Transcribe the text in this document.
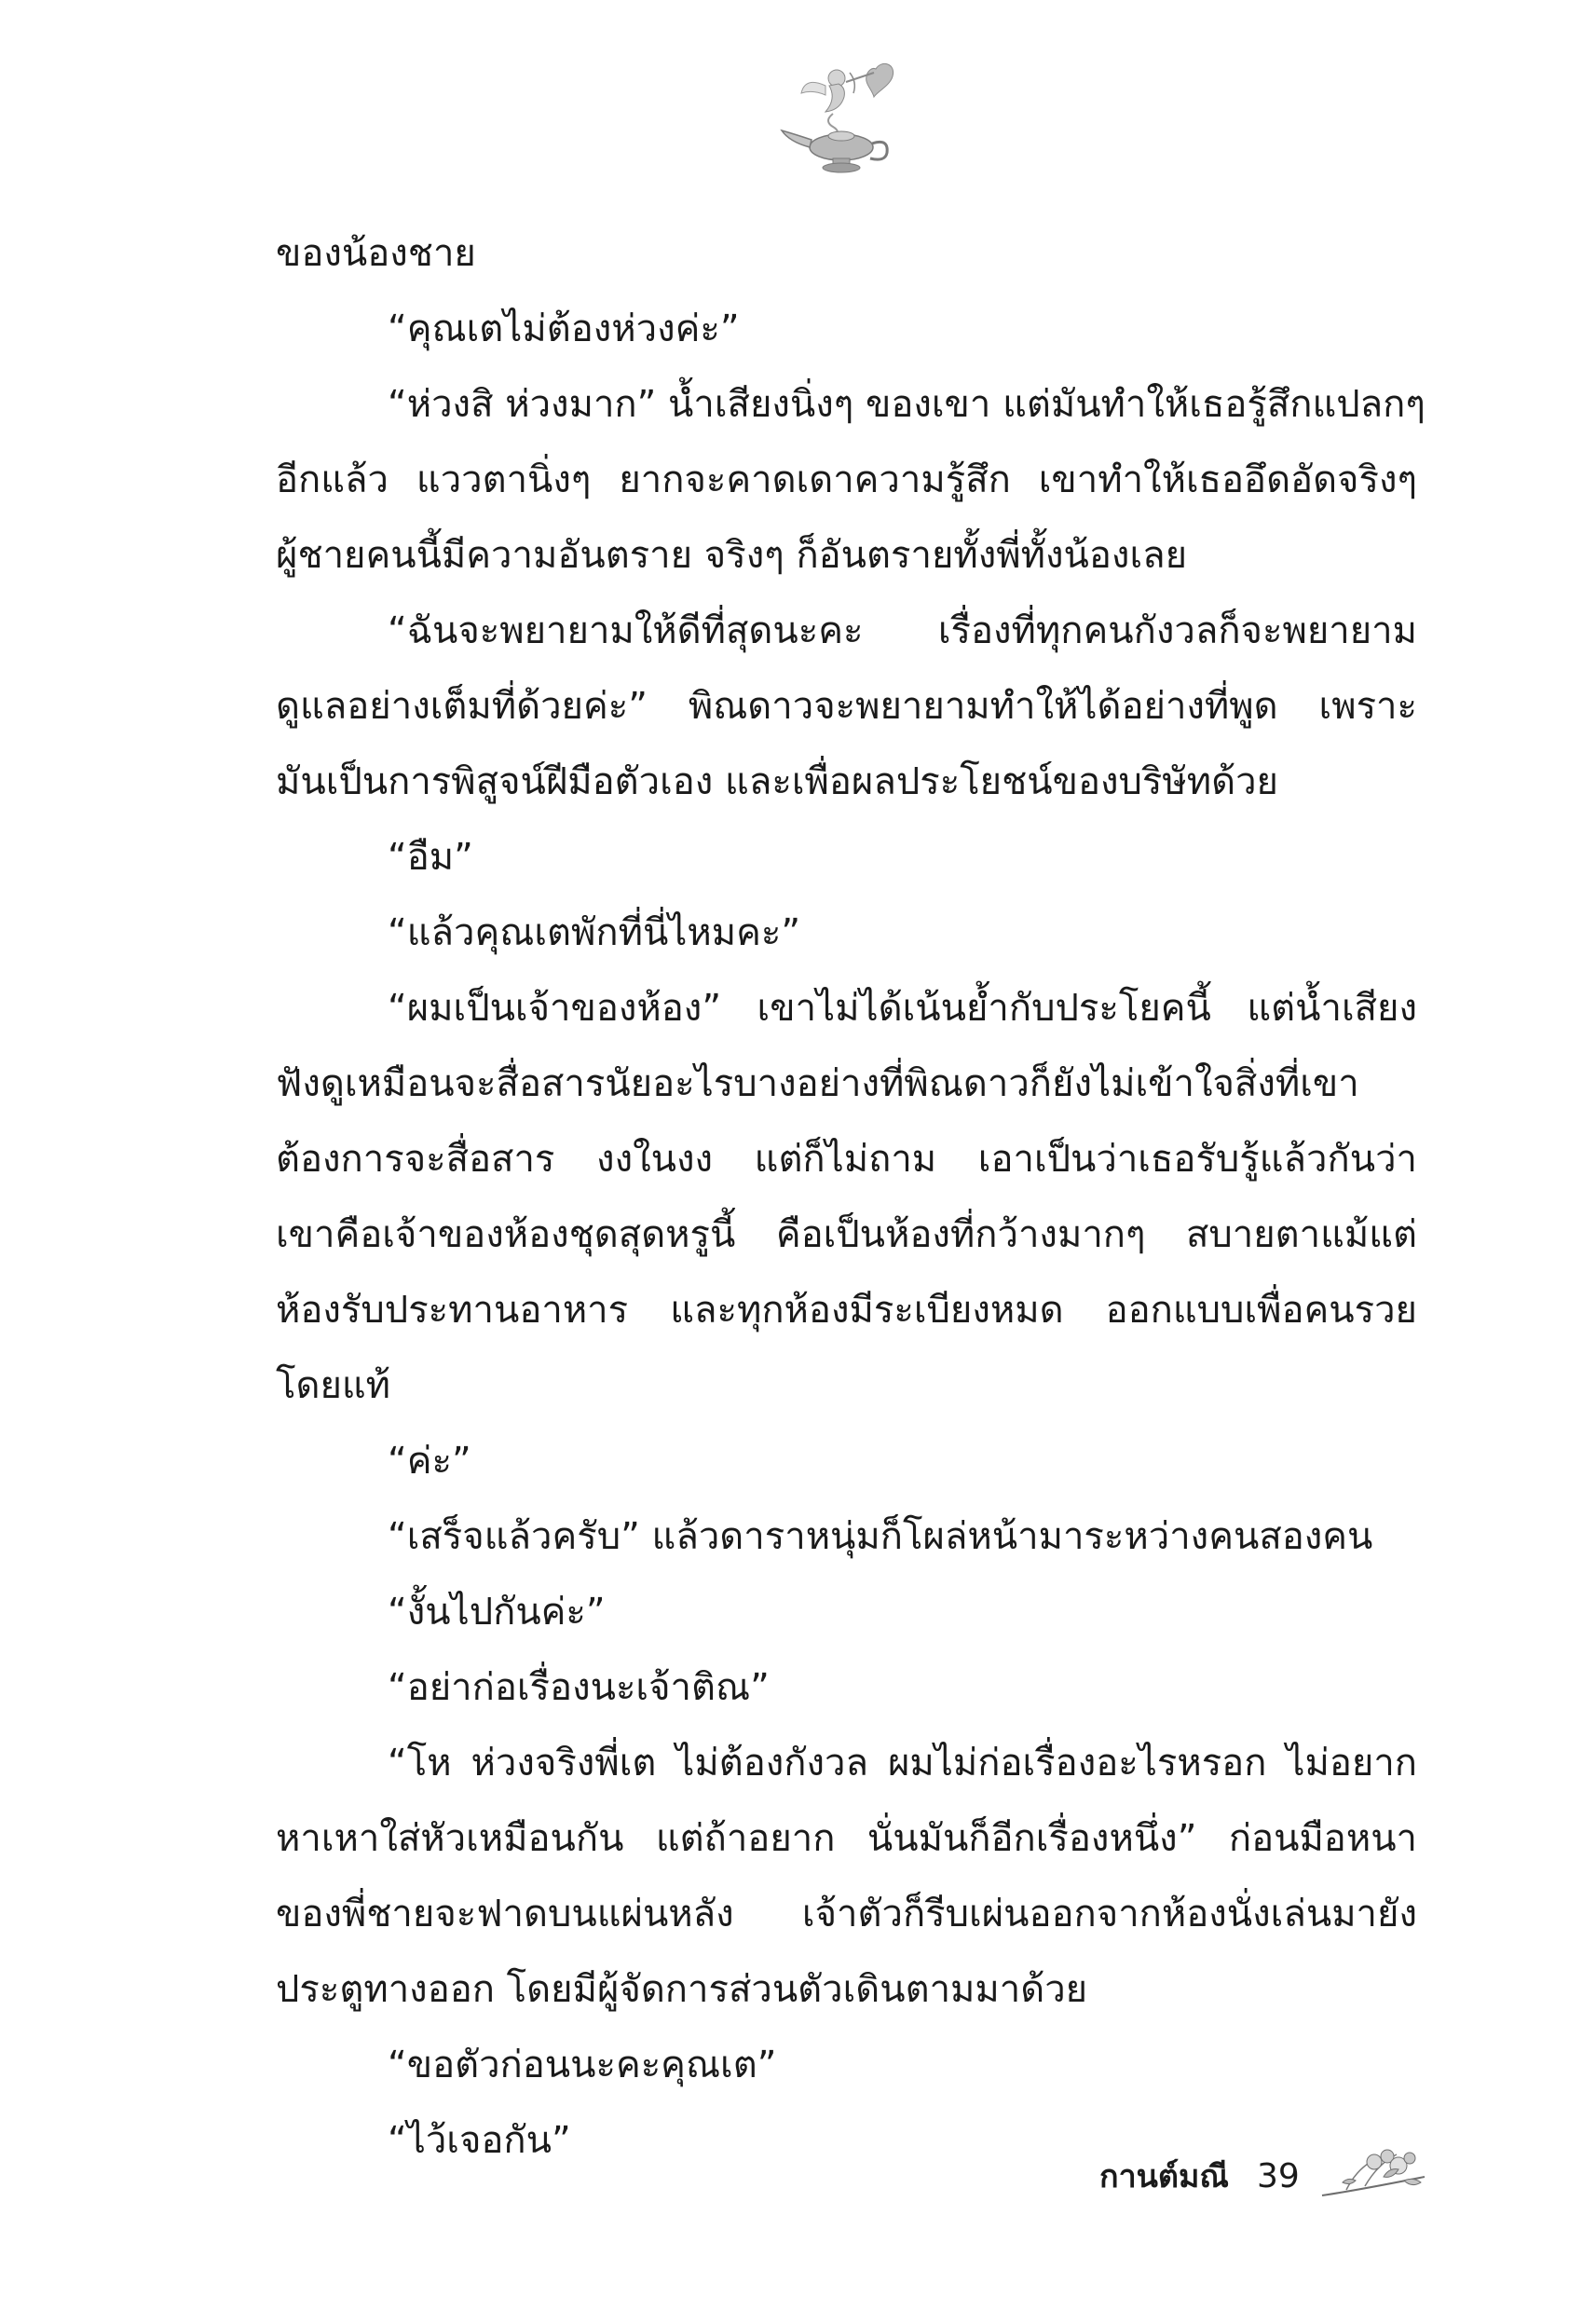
ของน้องชาย
“คุณเตไม่ต้องห่วงค่ะ”
“ห่วงสิ ห่วงมาก” น้ำเสียงนิ่งๆ ของเขา แต่มันทำให้เธอรู้สึกแปลกๆ
อีกแล้ว แววตานิ่งๆ ยากจะคาดเดาความรู้สึก เขาทำให้เธออึดอัดจริงๆ
ผู้ชายคนนี้มีความอันตราย จริงๆ ก็อันตรายทั้งพี่ทั้งน้องเลย
“ฉันจะพยายามให้ดีที่สุดนะคะ เรื่องที่ทุกคนกังวลก็จะพยายาม
ดูแลอย่างเต็มที่ด้วยค่ะ” พิณดาวจะพยายามทำให้ได้อย่างที่พูด เพราะ
มันเป็นการพิสูจน์ฝีมือตัวเอง และเพื่อผลประโยชน์ของบริษัทด้วย
“อืม”
“แล้วคุณเตพักที่นี่ไหมคะ”
“ผมเป็นเจ้าของห้อง” เขาไม่ได้เน้นย้ำกับประโยคนี้ แต่น้ำเสียง
ฟังดูเหมือนจะสื่อสารนัยอะไรบางอย่างที่พิณดาวก็ยังไม่เข้าใจสิ่งที่เขา
ต้องการจะสื่อสาร งงในงง แต่ก็ไม่ถาม เอาเป็นว่าเธอรับรู้แล้วกันว่า
เขาคือเจ้าของห้องชุดสุดหรูนี้ คือเป็นห้องที่กว้างมากๆ สบายตาแม้แต่
ห้องรับประทานอาหาร และทุกห้องมีระเบียงหมด ออกแบบเพื่อคนรวย
โดยแท้
“ค่ะ”
“เสร็จแล้วครับ” แล้วดาราหนุ่มก็โผล่หน้ามาระหว่างคนสองคน
“งั้นไปกันค่ะ”
“อย่าก่อเรื่องนะเจ้าติณ”
“โห ห่วงจริงพี่เต ไม่ต้องกังวล ผมไม่ก่อเรื่องอะไรหรอก ไม่อยาก
หาเหาใส่หัวเหมือนกัน แต่ถ้าอยาก นั่นมันก็อีกเรื่องหนึ่ง” ก่อนมือหนา
ของพี่ชายจะฟาดบนแผ่นหลัง เจ้าตัวก็รีบเผ่นออกจากห้องนั่งเล่นมายัง
ประตูทางออก โดยมีผู้จัดการส่วนตัวเดินตามมาด้วย
“ขอตัวก่อนนะคะคุณเต”
“ไว้เจอกัน”
กานต์มณี 39
